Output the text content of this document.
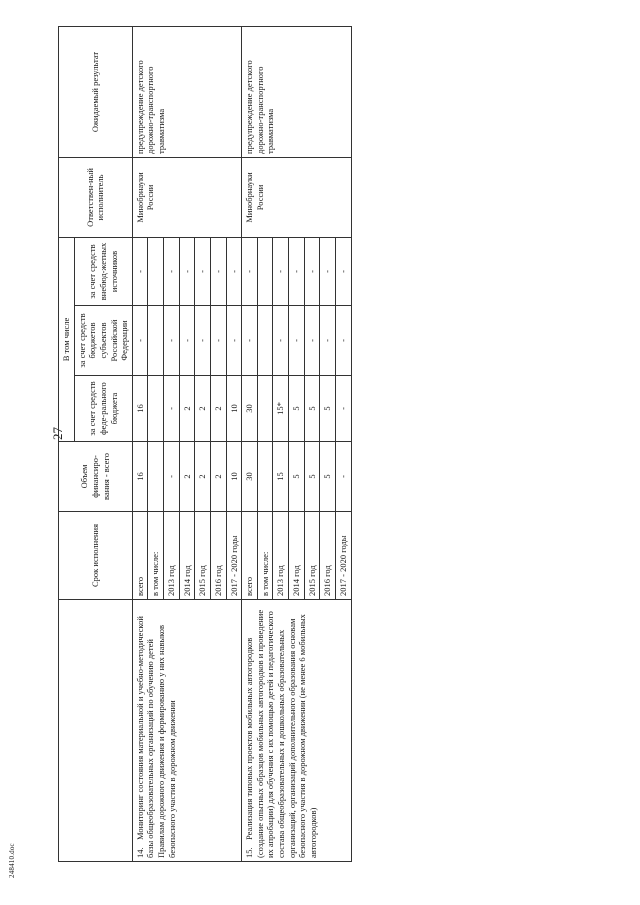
27
248410.doc
	Срок исполнения	Объем финансиро-вания - всего	В том числе			Ответствен-ный исполнитель	Ожидаемый результат
			за счет средств феде-рального бюджета	за счет средств бюджетов субъектов Российской Федерации	за счет средств внебюд-жетных источников		
14.Мониторинг состояния материальной и учебно-методической базы общеобразовательных организаций по обучению детей Правилам дорожного движения и формированию у них навыков безопасного участия в дорожном движении	всего	16	16	-	-	Минобрнауки России	предупреждение детского дорожно-транспортного травматизма
	в том числе:						
	2013 год	-	-	-	-		
	2014 год	2	2	-	-		
	2015 год	2	2	-	-		
	2016 год	2	2	-	-		
	2017 - 2020 годы	10	10	-	-		
15.Реализация типовых проектов мобильных автогородков (создание опытных образцов мобильных автогородков и проведение их апробации) для обучения с их помощью детей и педагогического состава общеобразовательных и дошкольных образовательных организаций, организаций дополнительного образования основам безопасного участия в дорожном движении (не менее 6 мобильных автогородков)	всего	30	30	-	-	Минобрнауки России	предупреждение детского дорожно-транспортного травматизма
	в том числе:						
	2013 год	15	15*	-	-		
	2014 год	5	5	-	-		
	2015 год	5	5	-	-		
	2016 год	5	5	-	-		
	2017 - 2020 годы	-	-	-	-		
